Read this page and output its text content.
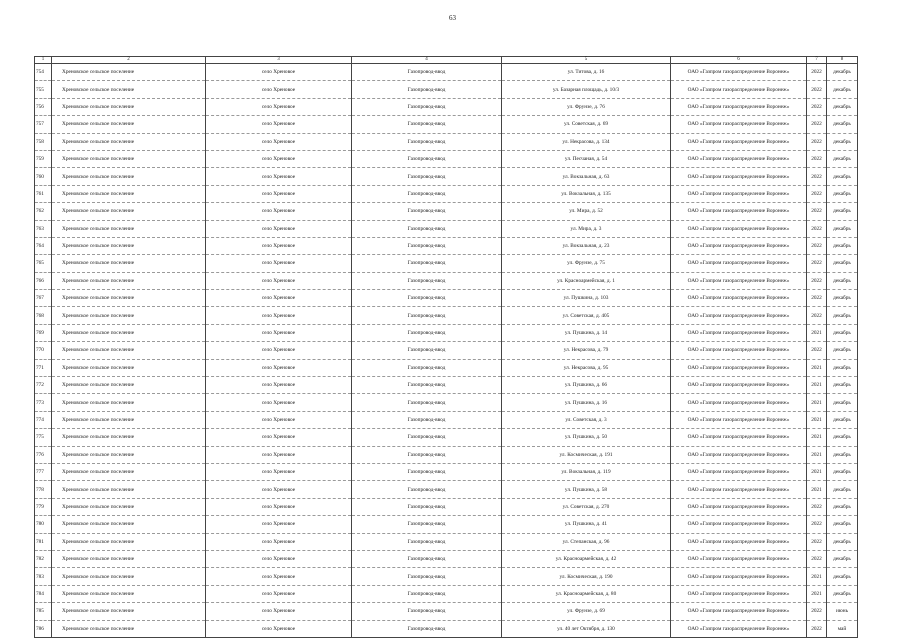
63
1	2	3	4	5	6	7	8
754	Хреновское сельское поселение	село Хреновое	Газопровод-ввод	ул. Титова, д. 16	ОАО «Газпром газораспределение Воронеж»	2022	декабрь
755	Хреновское сельское поселение	село Хреновое	Газопровод-ввод	ул. Базарная площадь, д. 10/3	ОАО «Газпром газораспределение Воронеж»	2022	декабрь
756	Хреновское сельское поселение	село Хреновое	Газопровод-ввод	ул. Фрунзе, д. 76	ОАО «Газпром газораспределение Воронеж»	2022	декабрь
757	Хреновское сельское поселение	село Хреновое	Газопровод-ввод	ул. Советская, д. 69	ОАО «Газпром газораспределение Воронеж»	2022	декабрь
758	Хреновское сельское поселение	село Хреновое	Газопровод-ввод	ул. Некрасова, д. 134	ОАО «Газпром газораспределение Воронеж»	2022	декабрь
759	Хреновское сельское поселение	село Хреновое	Газопровод-ввод	ул. Песчаная, д. 54	ОАО «Газпром газораспределение Воронеж»	2022	декабрь
760	Хреновское сельское поселение	село Хреновое	Газопровод-ввод	ул. Вокзальная, д. 63	ОАО «Газпром газораспределение Воронеж»	2022	декабрь
761	Хреновское сельское поселение	село Хреновое	Газопровод-ввод	ул. Вокзальная, д. 135	ОАО «Газпром газораспределение Воронеж»	2022	декабрь
762	Хреновское сельское поселение	село Хреновое	Газопровод-ввод	ул. Мира, д. 52	ОАО «Газпром газораспределение Воронеж»	2022	декабрь
763	Хреновское сельское поселение	село Хреновое	Газопровод-ввод	ул. Мира, д. 3	ОАО «Газпром газораспределение Воронеж»	2022	декабрь
764	Хреновское сельское поселение	село Хреновое	Газопровод-ввод	ул. Вокзальная, д. 23	ОАО «Газпром газораспределение Воронеж»	2022	декабрь
765	Хреновское сельское поселение	село Хреновое	Газопровод-ввод	ул. Фрунзе, д. 75	ОАО «Газпром газораспределение Воронеж»	2022	декабрь
766	Хреновское сельское поселение	село Хреновое	Газопровод-ввод	ул. Красноармейская, д. 1	ОАО «Газпром газораспределение Воронеж»	2022	декабрь
767	Хреновское сельское поселение	село Хреновое	Газопровод-ввод	ул. Пушкина, д. 103	ОАО «Газпром газораспределение Воронеж»	2022	декабрь
768	Хреновское сельское поселение	село Хреновое	Газопровод-ввод	ул. Советская, д. 405	ОАО «Газпром газораспределение Воронеж»	2022	декабрь
769	Хреновское сельское поселение	село Хреновое	Газопровод-ввод	ул. Пушкина, д. 14	ОАО «Газпром газораспределение Воронеж»	2021	декабрь
770	Хреновское сельское поселение	село Хреновое	Газопровод-ввод	ул. Некрасова, д. 79	ОАО «Газпром газораспределение Воронеж»	2022	декабрь
771	Хреновское сельское поселение	село Хреновое	Газопровод-ввод	ул. Некрасова, д. 95	ОАО «Газпром газораспределение Воронеж»	2021	декабрь
772	Хреновское сельское поселение	село Хреновое	Газопровод-ввод	ул. Пушкина, д. 66	ОАО «Газпром газораспределение Воронеж»	2021	декабрь
773	Хреновское сельское поселение	село Хреновое	Газопровод-ввод	ул. Пушкина, д. 16	ОАО «Газпром газораспределение Воронеж»	2021	декабрь
774	Хреновское сельское поселение	село Хреновое	Газопровод-ввод	ул. Советская, д. 3	ОАО «Газпром газораспределение Воронеж»	2021	декабрь
775	Хреновское сельское поселение	село Хреновое	Газопровод-ввод	ул. Пушкина, д. 50	ОАО «Газпром газораспределение Воронеж»	2021	декабрь
776	Хреновское сельское поселение	село Хреновое	Газопровод-ввод	ул. Космическая, д. 191	ОАО «Газпром газораспределение Воронеж»	2021	декабрь
777	Хреновское сельское поселение	село Хреновое	Газопровод-ввод	ул. Вокзальная, д. 119	ОАО «Газпром газораспределение Воронеж»	2021	декабрь
778	Хреновское сельское поселение	село Хреновое	Газопровод-ввод	ул. Пушкина, д. 58	ОАО «Газпром газораспределение Воронеж»	2021	декабрь
779	Хреновское сельское поселение	село Хреновое	Газопровод-ввод	ул. Советская, д. 270	ОАО «Газпром газораспределение Воронеж»	2022	декабрь
780	Хреновское сельское поселение	село Хреновое	Газопровод-ввод	ул. Пушкина, д. 41	ОАО «Газпром газораспределение Воронеж»	2022	декабрь
781	Хреновское сельское поселение	село Хреновое	Газопровод-ввод	ул. Степанская, д. 96	ОАО «Газпром газораспределение Воронеж»	2022	декабрь
782	Хреновское сельское поселение	село Хреновое	Газопровод-ввод	ул. Красноармейская, д. 42	ОАО «Газпром газораспределение Воронеж»	2022	декабрь
783	Хреновское сельское поселение	село Хреновое	Газопровод-ввод	ул. Космическая, д. 190	ОАО «Газпром газораспределение Воронеж»	2021	декабрь
784	Хреновское сельское поселение	село Хреновое	Газопровод-ввод	ул. Красноармейская, д. 80	ОАО «Газпром газораспределение Воронеж»	2021	декабрь
785	Хреновское сельское поселение	село Хреновое	Газопровод-ввод	ул. Фрунзе, д. 69	ОАО «Газпром газораспределение Воронеж»	2022	июнь
786	Хреновское сельское поселение	село Хреновое	Газопровод-ввод	ул. 40 лет Октября, д. 130	ОАО «Газпром газораспределение Воронеж»	2022	май
